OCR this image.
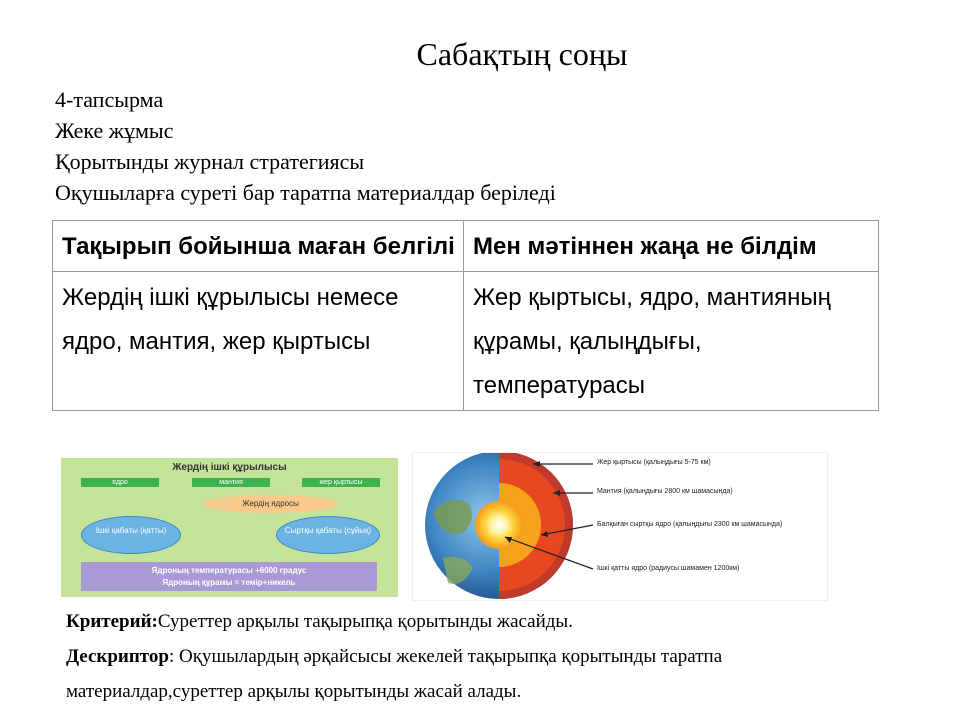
Сабақтың соңы
4-тапсырма
Жеке жұмыс
Қорытынды журнал стратегиясы
Оқушыларға суреті бар таратпа материалдар беріледі
Тақырып бойынша маған белгілі	Мен мәтіннен жаңа не білдім
Жердің ішкі құрылысы немесе ядро, мантия, жер қыртысы	Жер қыртысы, ядро, мантияның құрамы, қалыңдығы, температурасы
Жердің ішкі құрылысы
ядро	мантия	жер қыртысы
Жердің ядросы
Ішкі қабаты (қатты)	Сыртқы қабаты (сұйық)
Ядроның температурасы +6000 градус
Ядроның құрамы = темір+никель
Жер қыртысы (қалыңдығы 5-75 км)
Мантия (қалыңдығы 2800 км шамасында)
Балқыған сыртқы ядро (қалыңдығы 2300 км шамасында)
Ішкі қатты ядро (радиусы шамамен 1200км)
Критерий:Суреттер арқылы тақырыпқа қорытынды жасайды.
Дескриптор: Оқушылардың әрқайсысы жекелей тақырыпқа қорытынды таратпа
материалдар,суреттер арқылы қорытынды жасай алады.
